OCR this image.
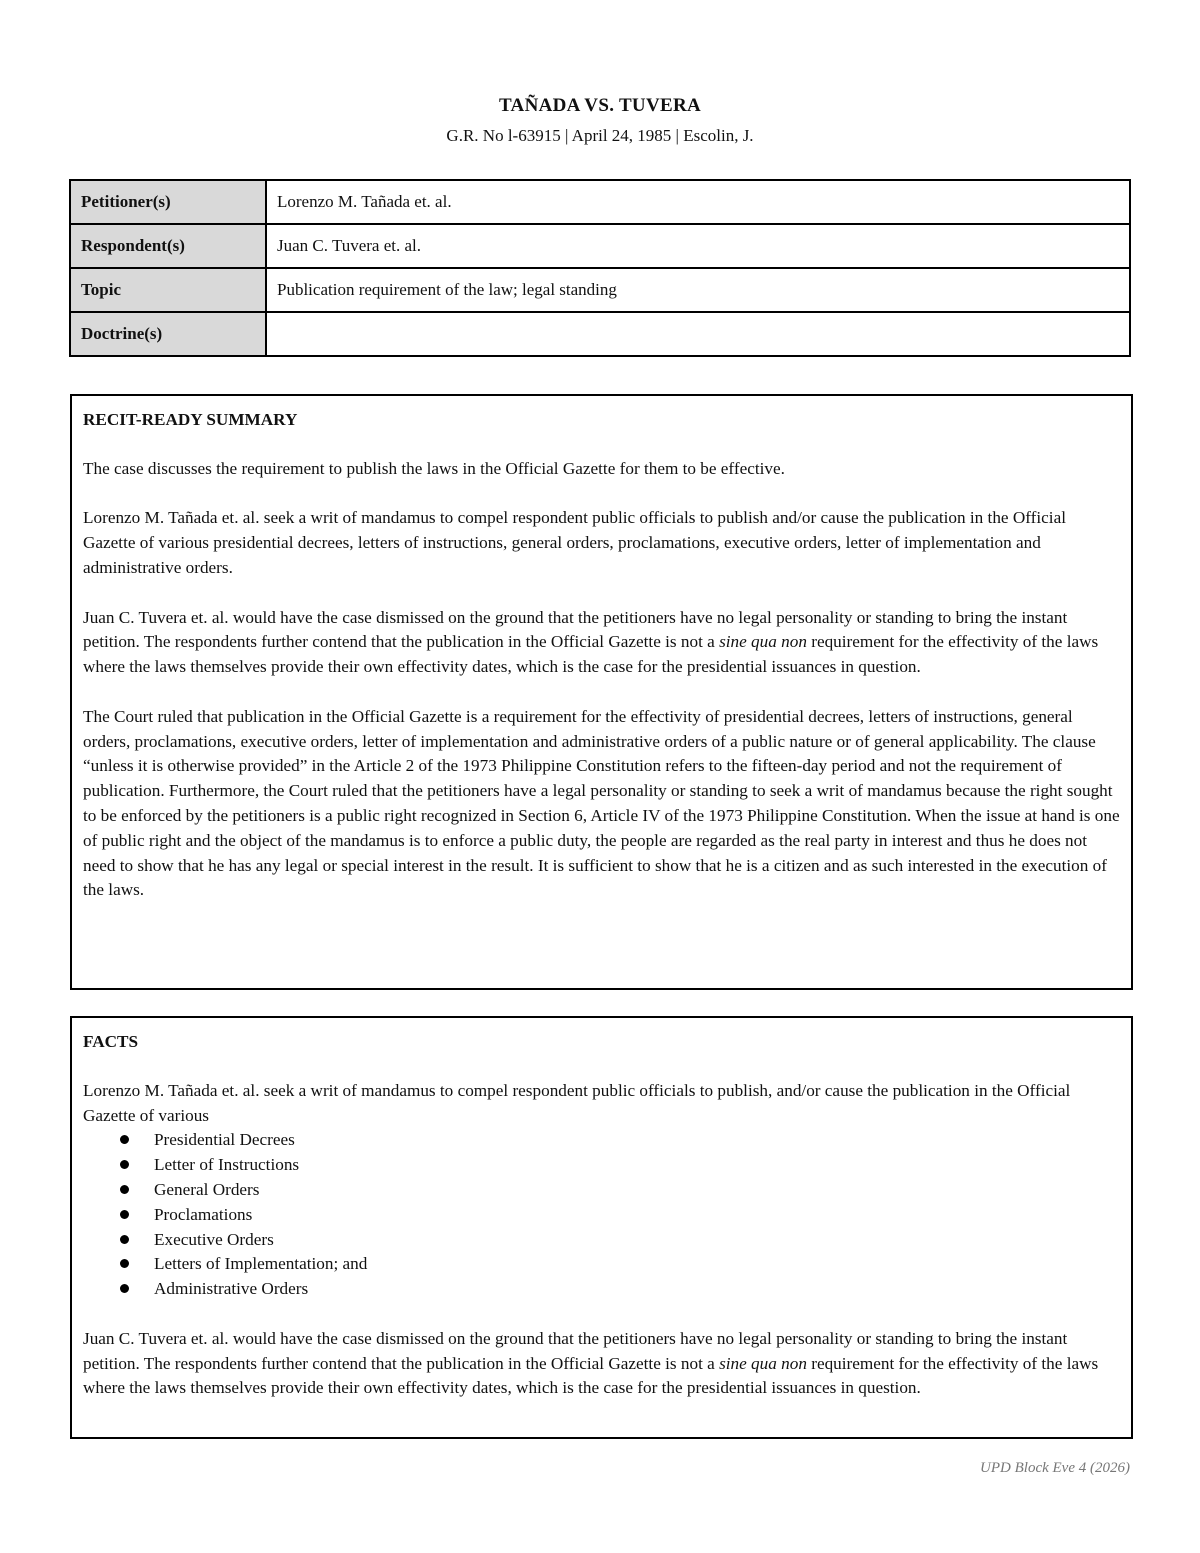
TAÑADA VS. TUVERA
G.R. No l-63915 | April 24, 1985 | Escolin, J.
Petitioner(s)	Lorenzo M. Tañada et. al.
Respondent(s)	Juan C. Tuvera et. al.
Topic	Publication requirement of the law; legal standing
Doctrine(s)	
RECIT-READY SUMMARY

The case discusses the requirement to publish the laws in the Official Gazette for them to be effective.

Lorenzo M. Tañada et. al. seek a writ of mandamus to compel respondent public officials to publish and/or cause the publication in the Official Gazette of various presidential decrees, letters of instructions, general orders, proclamations, executive orders, letter of implementation and administrative orders.

Juan C. Tuvera et. al. would have the case dismissed on the ground that the petitioners have no legal personality or standing to bring the instant petition. The respondents further contend that the publication in the Official Gazette is not a sine qua non requirement for the effectivity of the laws where the laws themselves provide their own effectivity dates, which is the case for the presidential issuances in question.

The Court ruled that publication in the Official Gazette is a requirement for the effectivity of presidential decrees, letters of instructions, general orders, proclamations, executive orders, letter of implementation and administrative orders of a public nature or of general applicability. The clause “unless it is otherwise provided” in the Article 2 of the 1973 Philippine Constitution refers to the fifteen-day period and not the requirement of publication. Furthermore, the Court ruled that the petitioners have a legal personality or standing to seek a writ of mandamus because the right sought to be enforced by the petitioners is a public right recognized in Section 6, Article IV of the 1973 Philippine Constitution. When the issue at hand is one of public right and the object of the mandamus is to enforce a public duty, the people are regarded as the real party in interest and thus he does not need to show that he has any legal or special interest in the result. It is sufficient to show that he is a citizen and as such interested in the execution of the laws.

FACTS

Lorenzo M. Tañada et. al. seek a writ of mandamus to compel respondent public officials to publish, and/or cause the publication in the Official Gazette of various

Presidential Decrees
Letter of Instructions
General Orders
Proclamations
Executive Orders
Letters of Implementation; and
Administrative Orders

Juan C. Tuvera et. al. would have the case dismissed on the ground that the petitioners have no legal personality or standing to bring the instant petition. The respondents further contend that the publication in the Official Gazette is not a sine qua non requirement for the effectivity of the laws where the laws themselves provide their own effectivity dates, which is the case for the presidential issuances in question.

UPD Block Eve 4 (2026)
